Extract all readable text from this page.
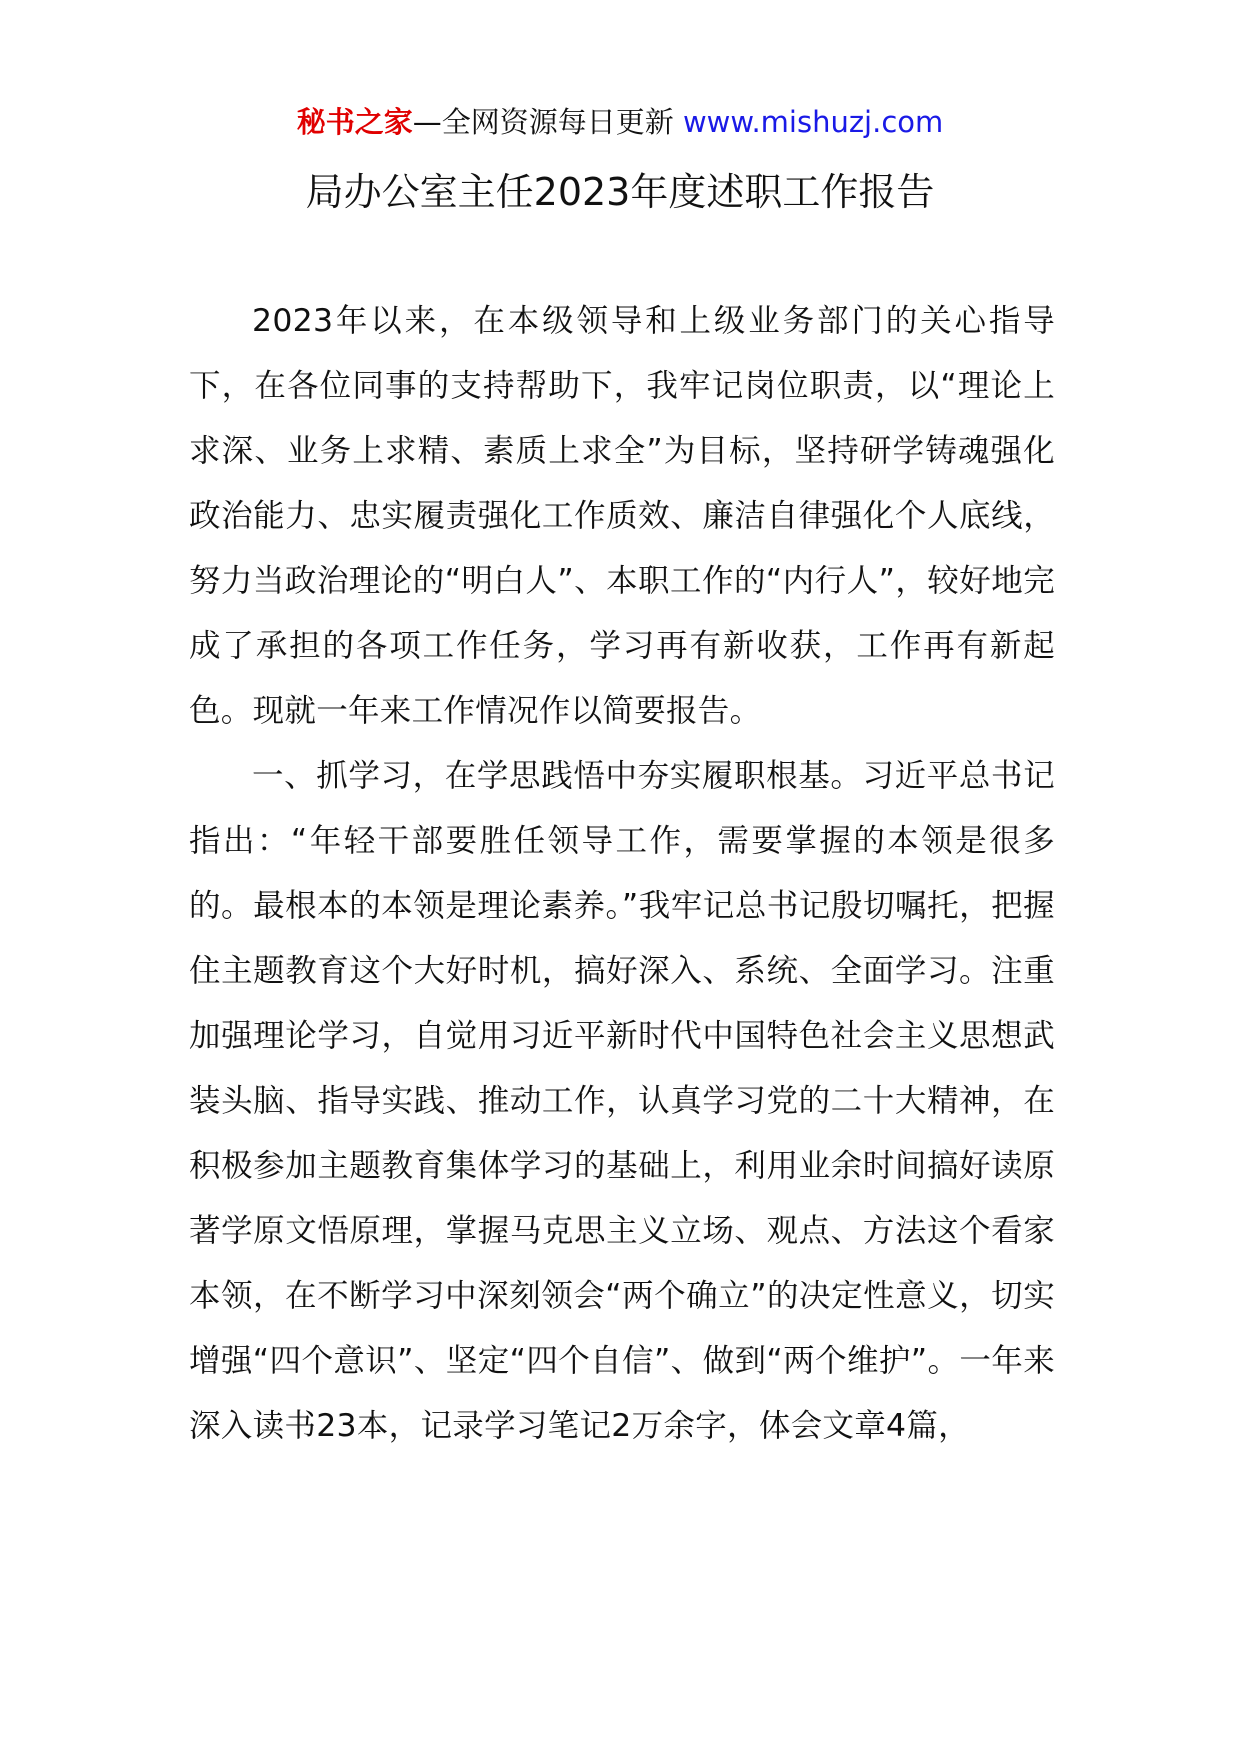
秘书之家—全网资源每日更新 www.mishuzj.com
局办公室主任2023年度述职工作报告

2023年以来，在本级领导和上级业务部门的关心指导下，在各位同事的支持帮助下，我牢记岗位职责，以“理论上求深、业务上求精、素质上求全”为目标，坚持研学铸魂强化政治能力、忠实履责强化工作质效、廉洁自律强化个人底线，努力当政治理论的“明白人”、本职工作的“内行人”，较好地完成了承担的各项工作任务，学习再有新收获，工作再有新起色。现就一年来工作情况作以简要报告。

一、抓学习，在学思践悟中夯实履职根基。习近平总书记指出：“年轻干部要胜任领导工作，需要掌握的本领是很多的。最根本的本领是理论素养。”我牢记总书记殷切嘱托，把握住主题教育这个大好时机，搞好深入、系统、全面学习。注重加强理论学习，自觉用习近平新时代中国特色社会主义思想武装头脑、指导实践、推动工作，认真学习党的二十大精神，在积极参加主题教育集体学习的基础上，利用业余时间搞好读原著学原文悟原理，掌握马克思主义立场、观点、方法这个看家本领，在不断学习中深刻领会“两个确立”的决定性意义，切实增强“四个意识”、坚定“四个自信”、做到“两个维护”。一年来深入读书23本，记录学习笔记2万余字，体会文章4篇，
